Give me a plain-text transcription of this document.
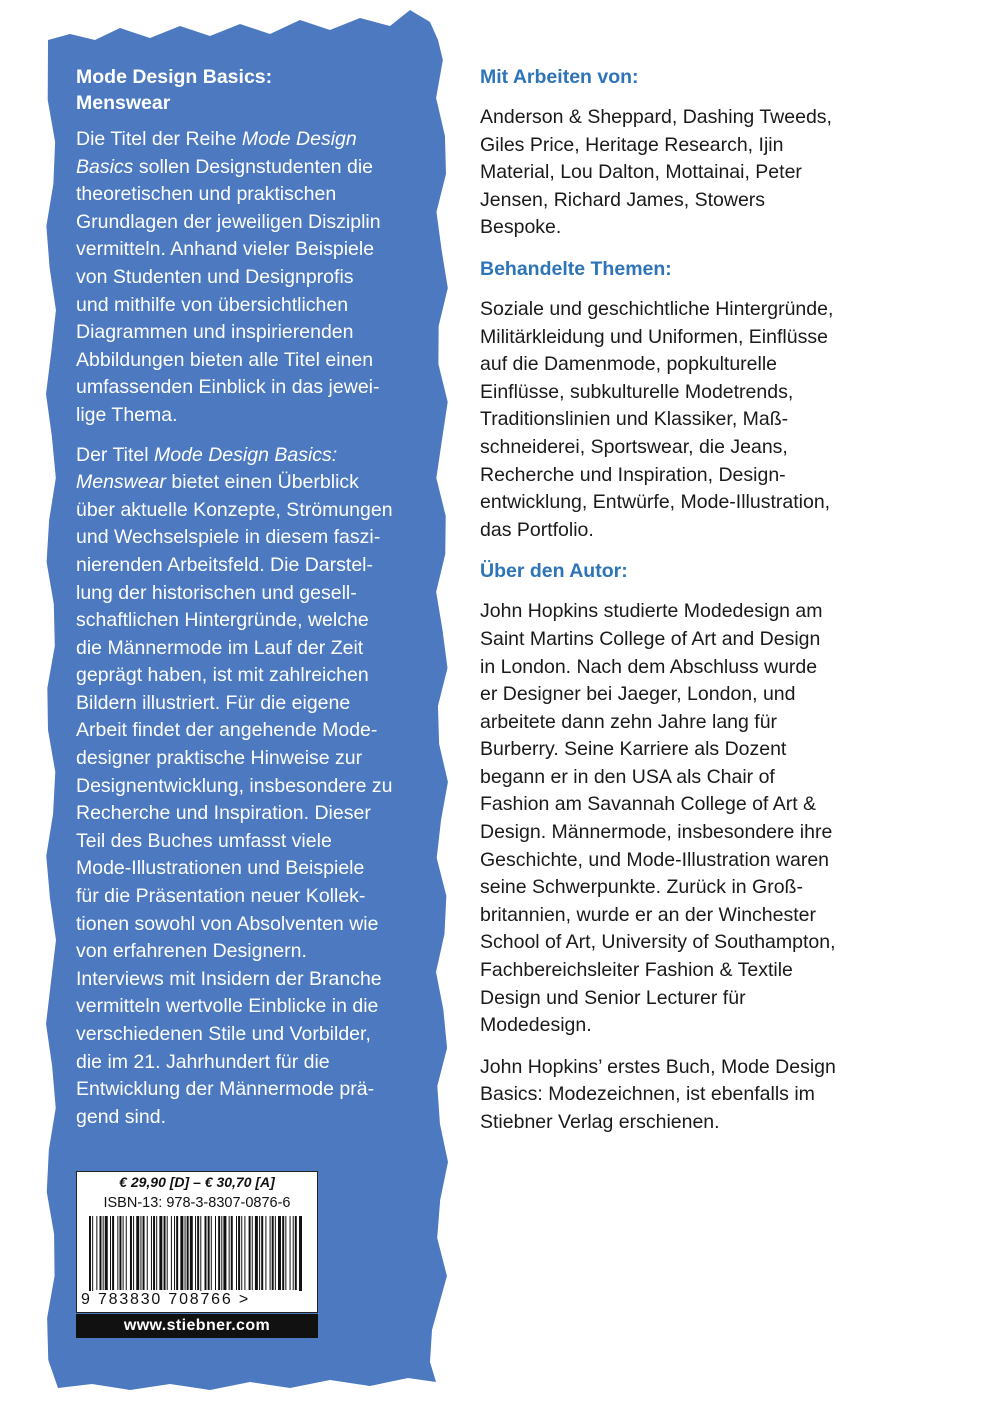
Mode Design Basics:
Menswear
Die Titel der Reihe Mode Design
Basics sollen Designstudenten die
theoretischen und praktischen
Grundlagen der jeweiligen Disziplin
vermitteln. Anhand vieler Beispiele
von Studenten und Designprofis
und mithilfe von übersichtlichen
Diagrammen und inspirierenden
Abbildungen bieten alle Titel einen
umfassenden Einblick in das jewei-
lige Thema.
Der Titel Mode Design Basics:
Menswear bietet einen Überblick
über aktuelle Konzepte, Strömungen
und Wechselspiele in diesem faszi-
nierenden Arbeitsfeld. Die Darstel-
lung der historischen und gesell-
schaftlichen Hintergründe, welche
die Männermode im Lauf der Zeit
geprägt haben, ist mit zahlreichen
Bildern illustriert. Für die eigene
Arbeit findet der angehende Mode-
designer praktische Hinweise zur
Designentwicklung, insbesondere zu
Recherche und Inspiration. Dieser
Teil des Buches umfasst viele
Mode-Illustrationen und Beispiele
für die Präsentation neuer Kollek-
tionen sowohl von Absolventen wie
von erfahrenen Designern.
Interviews mit Insidern der Branche
vermitteln wertvolle Einblicke in die
verschiedenen Stile und Vorbilder,
die im 21. Jahrhundert für die
Entwicklung der Männermode prä-
gend sind.
Mit Arbeiten von:
Anderson & Sheppard, Dashing Tweeds,
Giles Price, Heritage Research, Ijin
Material, Lou Dalton, Mottainai, Peter
Jensen, Richard James, Stowers
Bespoke.
Behandelte Themen:
Soziale und geschichtliche Hintergründe,
Militärkleidung und Uniformen, Einflüsse
auf die Damenmode, popkulturelle
Einflüsse, subkulturelle Modetrends,
Traditionslinien und Klassiker, Maß-
schneiderei, Sportswear, die Jeans,
Recherche und Inspiration, Design-
entwicklung, Entwürfe, Mode-Illustration,
das Portfolio.
Über den Autor:
John Hopkins studierte Modedesign am
Saint Martins College of Art and Design
in London. Nach dem Abschluss wurde
er Designer bei Jaeger, London, und
arbeitete dann zehn Jahre lang für
Burberry. Seine Karriere als Dozent
begann er in den USA als Chair of
Fashion am Savannah College of Art &
Design. Männermode, insbesondere ihre
Geschichte, und Mode-Illustration waren
seine Schwerpunkte. Zurück in Groß-
britannien, wurde er an der Winchester
School of Art, University of Southampton,
Fachbereichsleiter Fashion & Textile
Design und Senior Lecturer für
Modedesign.
John Hopkins’ erstes Buch, Mode Design
Basics: Modezeichnen, ist ebenfalls im
Stiebner Verlag erschienen.
€ 29,90 [D] – € 30,70 [A]
ISBN-13: 978-3-8307-0876-6
9 783830 708766 >
www.stiebner.com
